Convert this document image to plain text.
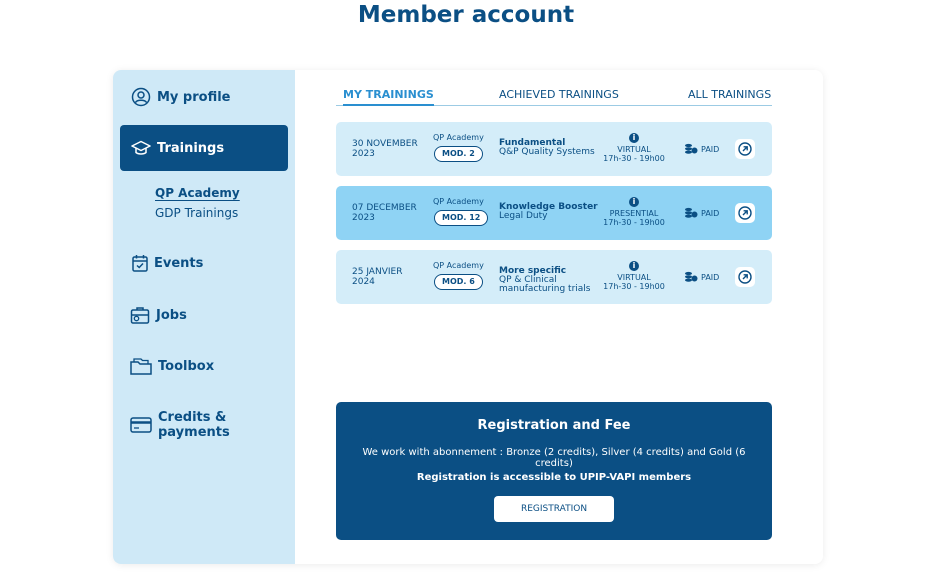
Member account
My profile
Trainings
QP Academy
GDP Trainings
Events
Jobs
Toolbox
Credits & payments
MY TRAININGS	ACHIEVED TRAININGS	ALL TRAININGS
30 NOVEMBER 2023
QP Academy
MOD. 2
Fundamental
Q&P Quality Systems
i
VIRTUAL
17h-30 - 19h00
PAID
07 DECEMBER 2023
QP Academy
MOD. 12
Knowledge Booster
Legal Duty
i
PRESENTIAL
17h-30 - 19h00
PAID
25 JANVIER 2024
QP Academy
MOD. 6
More specific
QP & Clinical manufacturing trials
i
VIRTUAL
17h-30 - 19h00
PAID
Registration and Fee

We work with abonnement : Bronze (2 credits), Silver (4 credits) and Gold (6 credits)

Registration is accessible to UPIP-VAPI members

REGISTRATION
